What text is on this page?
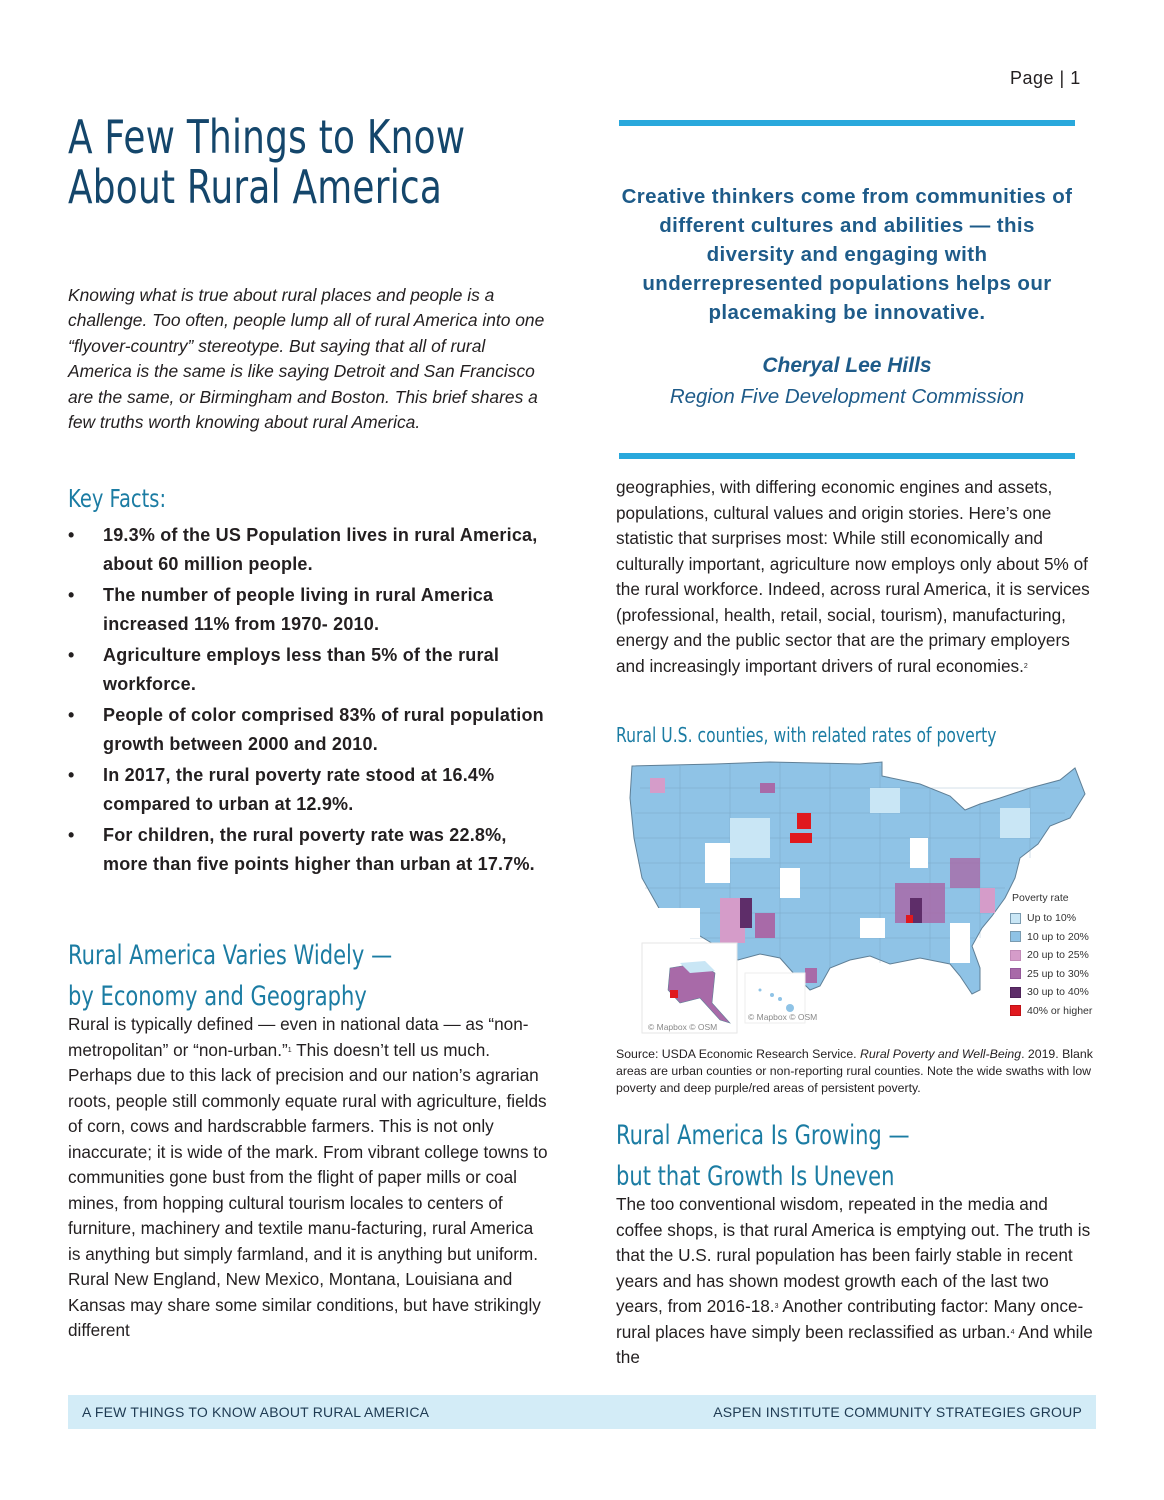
Page | 1
A Few Things to Know
About Rural America

Knowing what is true about rural places and people is a challenge. Too often, people lump all of rural America into one “flyover-country” stereotype. But saying that all of rural America is the same is like saying Detroit and San Francisco are the same, or Birmingham and Boston. This brief shares a few truths worth knowing about rural America.

Key Facts:
• 19.3% of the US Population lives in rural America, about 60 million people.
• The number of people living in rural America increased 11% from 1970- 2010.
• Agriculture employs less than 5% of the rural workforce.
• People of color comprised 83% of rural population growth between 2000 and 2010.
• In 2017, the rural poverty rate stood at 16.4% compared to urban at 12.9%.
• For children, the rural poverty rate was 22.8%, more than five points higher than urban at 17.7%.
Rural America Varies Widely —
by Economy and Geography

Rural is typically defined — even in national data — as “non-metropolitan” or “non-urban.”$^1$ This doesn’t tell us much. Perhaps due to this lack of precision and our nation’s agrarian roots, people still commonly equate rural with agriculture, fields of corn, cows and hardscrabble farmers. This is not only inaccurate; it is wide of the mark. From vibrant college towns to communities gone bust from the flight of paper mills or coal mines, from hopping cultural tourism locales to centers of furniture, machinery and textile manu-facturing, rural America is anything but simply farmland, and it is anything but uniform. Rural New England, New Mexico, Montana, Louisiana and Kansas may share some similar conditions, but have strikingly different

Creative thinkers come from communities of different cultures and abilities — this diversity and engaging with underrepresented populations helps our placemaking be innovative.

Cheryal Lee Hills
Region Five Development Commission

geographies, with differing economic engines and assets, populations, cultural values and origin stories. Here’s one statistic that surprises most: While still economically and culturally important, agriculture now employs only about 5% of the rural workforce. Indeed, across rural America, it is services (professional, health, retail, social, tourism), manufacturing, energy and the public sector that are the primary employers and increasingly important drivers of rural economies.$^2$

Rural U.S. counties, with related rates of poverty
© Mapbox © OSM
© Mapbox © OSM
Poverty rate
Up to 10%
10 up to 20%
20 up to 25%
25 up to 30%
30 up to 40%
40% or higher

Source: USDA Economic Research Service. Rural Poverty and Well-Being. 2019. Blank areas are urban counties or non-reporting rural counties. Note the wide swaths with low poverty and deep purple/red areas of persistent poverty.

Rural America Is Growing —
but that Growth Is Uneven

The too conventional wisdom, repeated in the media and coffee shops, is that rural America is emptying out. The truth is that the U.S. rural population has been fairly stable in recent years and has shown modest growth each of the last two years, from 2016-18.$^3$ Another contributing factor: Many once-rural places have simply been reclassified as urban.$^4$ And while the

A FEW THINGS TO KNOW ABOUT RURAL AMERICA	ASPEN INSTITUTE COMMUNITY STRATEGIES GROUP
